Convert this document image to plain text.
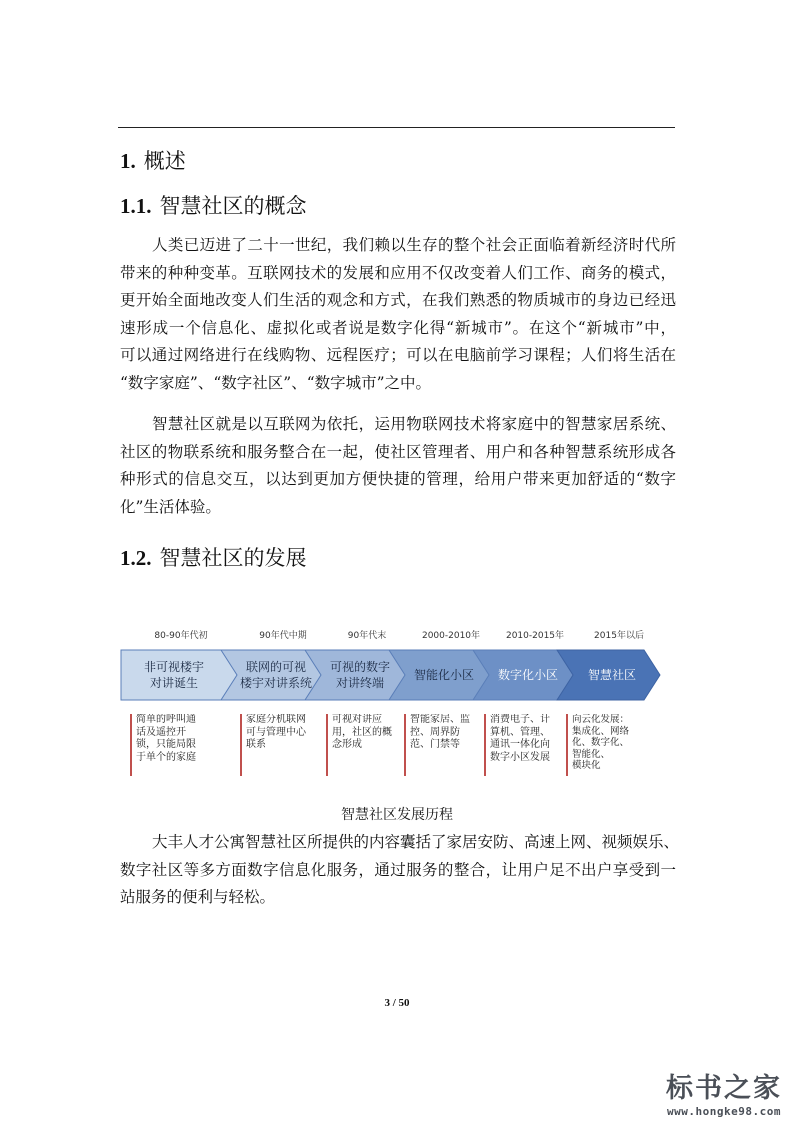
1. 概述
1.1. 智慧社区的概念
人类已迈进了二十一世纪，我们赖以生存的整个社会正面临着新经济时代所
带来的种种变革。互联网技术的发展和应用不仅改变着人们工作、商务的模式，
更开始全面地改变人们生活的观念和方式，在我们熟悉的物质城市的身边已经迅
速形成一个信息化、虚拟化或者说是数字化得“新城市”。在这个“新城市”中，
可以通过网络进行在线购物、远程医疗；可以在电脑前学习课程；人们将生活在
“数字家庭”、“数字社区”、“数字城市”之中。
智慧社区就是以互联网为依托，运用物联网技术将家庭中的智慧家居系统、
社区的物联系统和服务整合在一起，使社区管理者、用户和各种智慧系统形成各
种形式的信息交互，以达到更加方便快捷的管理，给用户带来更加舒适的“数字
化”生活体验。
1.2. 智慧社区的发展
80-90年代初
非可视楼宇
对讲诞生
简单的呼叫通
话及遥控开
锁，只能局限
于单个的家庭
90年代中期
联网的可视
楼宇对讲系统
家庭分机联网
可与管理中心
联系
90年代末
可视的数字
对讲终端
可视对讲应
用，社区的概
念形成
2000-2010年
智能化小区
智能家居、监
控、周界防
范、门禁等
2010-2015年
数字化小区
消费电子、计
算机、管理、
通讯一体化向
数字小区发展
2015年以后
智慧社区
向云化发展：
集成化、网络
化、数字化、
智能化、
模块化
智慧社区发展历程
大丰人才公寓智慧社区所提供的内容囊括了家居安防、高速上网、视频娱乐、
数字社区等多方面数字信息化服务，通过服务的整合，让用户足不出户享受到一
站服务的便利与轻松。
3 / 50
标书之家
www.hongke98.com
